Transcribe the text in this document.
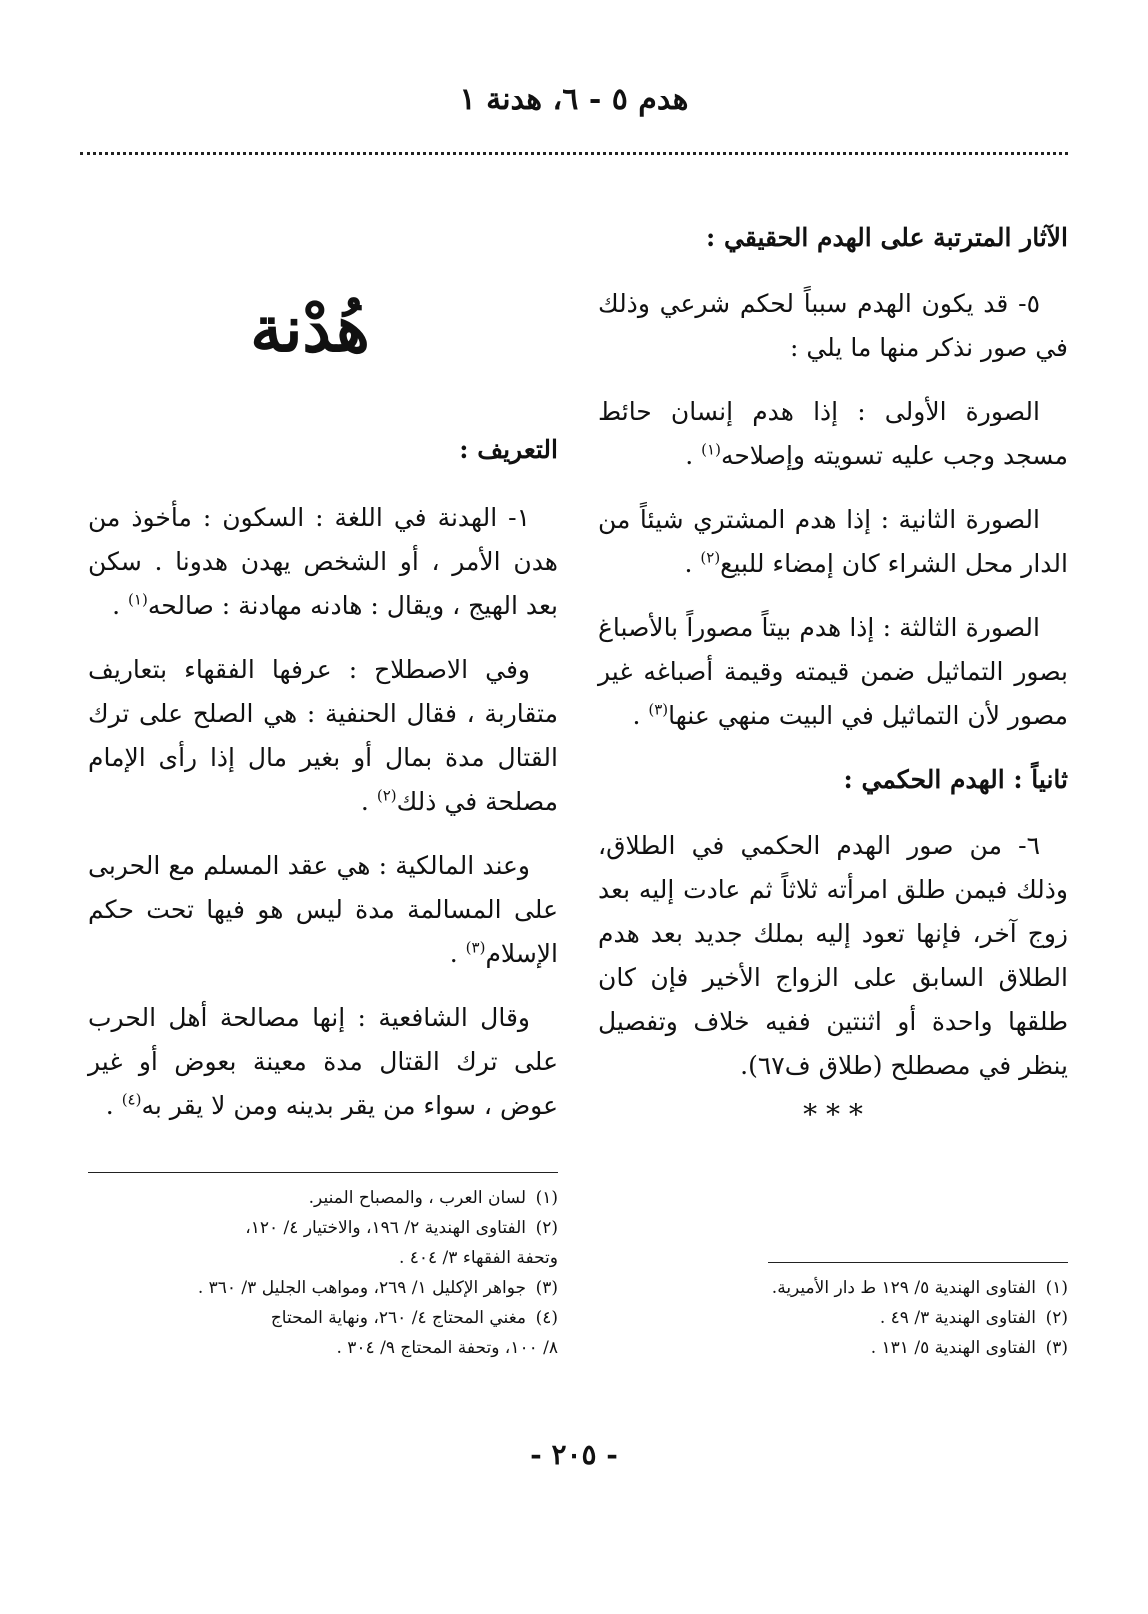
هدم ٥ - ٦، هدنة ١
الآثار المترتبة على الهدم الحقيقي :

٥- قد يكون الهدم سبباً لحكم شرعي وذلك في صور نذكر منها ما يلي :

الصورة الأولى : إذا هدم إنسان حائط مسجد وجب عليه تسويته وإصلاحه$^{(١)}$ .

الصورة الثانية : إذا هدم المشتري شيئاً من الدار محل الشراء كان إمضاء للبيع$^{(٢)}$ .

الصورة الثالثة : إذا هدم بيتاً مصوراً بالأصباغ بصور التماثيل ضمن قيمته وقيمة أصباغه غير مصور لأن التماثيل في البيت منهي عنها$^{(٣)}$ .

ثانياً : الهدم الحكمي :

٦- من صور الهدم الحكمي في الطلاق، وذلك فيمن طلق امرأته ثلاثاً ثم عادت إليه بعد زوج آخر، فإنها تعود إليه بملك جديد بعد هدم الطلاق السابق على الزواج الأخير فإن كان طلقها واحدة أو اثنتين ففيه خلاف وتفصيل ينظر في مصطلح (طلاق ف٦٧).

* * *
(١)الفتاوى الهندية ٥/ ١٢٩ ط دار الأميرية.
(٢)الفتاوى الهندية ٣/ ٤٩ .
(٣)الفتاوى الهندية ٥/ ١٣١ .
هُدْنة
التعريف :

١- الهدنة في اللغة : السكون : مأخوذ من هدن الأمر ، أو الشخص يهدن هدونا . سكن بعد الهيج ، ويقال : هادنه مهادنة : صالحه$^{(١)}$ .

وفي الاصطلاح : عرفها الفقهاء بتعاريف متقاربة ، فقال الحنفية : هي الصلح على ترك القتال مدة بمال أو بغير مال إذا رأى الإمام مصلحة في ذلك$^{(٢)}$ .

وعند المالكية : هي عقد المسلم مع الحربى على المسالمة مدة ليس هو فيها تحت حكم الإسلام$^{(٣)}$ .

وقال الشافعية : إنها مصالحة أهل الحرب على ترك القتال مدة معينة بعوض أو غير عوض ، سواء من يقر بدينه ومن لا يقر به$^{(٤)}$ .

(١)لسان العرب ، والمصباح المنير.
(٢)الفتاوى الهندية ٢/ ١٩٦، والاختيار ٤/ ١٢٠،
وتحفة الفقهاء ٣/ ٤٠٤ .
(٣)جواهر الإكليل ١/ ٢٦٩، ومواهب الجليل ٣/ ٣٦٠ .
(٤)مغني المحتاج ٤/ ٢٦٠، ونهاية المحتاج
٨/ ١٠٠، وتحفة المحتاج ٩/ ٣٠٤ .
- ٢٠٥ -
